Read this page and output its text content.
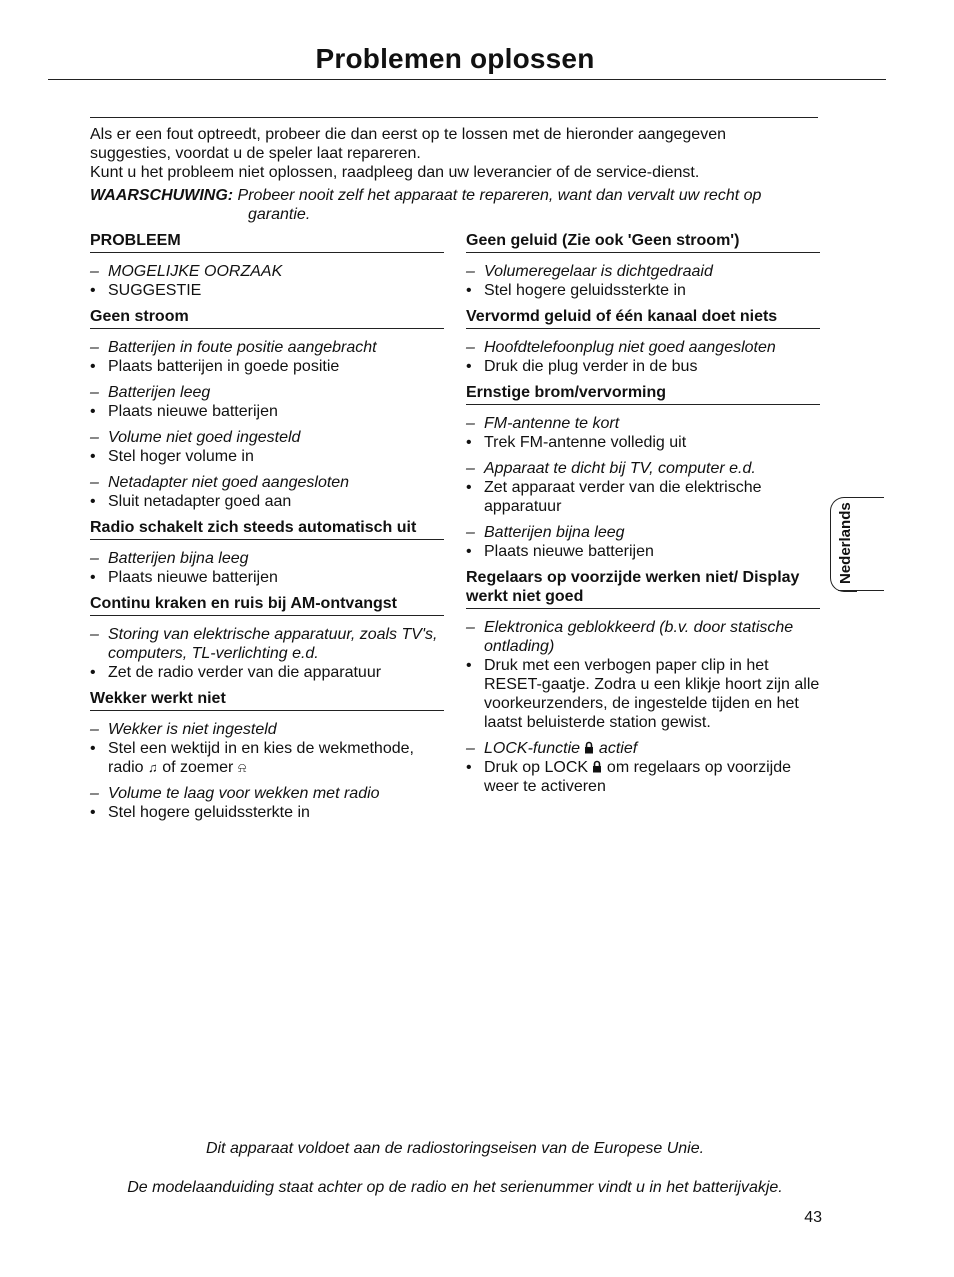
Problemen oplossen

Als er een fout optreedt, probeer die dan eerst op te lossen met de hieronder aangegeven

suggesties, voordat u de speler laat repareren.

Kunt u het probleem niet oplossen, raadpleeg dan uw leverancier of de service-dienst.

WAARSCHUWING: Probeer nooit zelf het apparaat te repareren, want dan vervalt uw recht op
garantie.
PROBLEEM

– MOGELIJKE OORZAAK

• SUGGESTIE

Geen stroom

– Batterijen in foute positie aangebracht

• Plaats batterijen in goede positie

– Batterijen leeg

• Plaats nieuwe batterijen

– Volume niet goed ingesteld

• Stel hoger volume in

– Netadapter niet goed aangesloten

• Sluit netadapter goed aan

Radio schakelt zich steeds automatisch uit

– Batterijen bijna leeg

• Plaats nieuwe batterijen

Continu kraken en ruis bij AM-ontvangst

– Storing van elektrische apparatuur, zoals TV's, computers, TL-verlichting e.d.

• Zet de radio verder van die apparatuur

Wekker werkt niet

– Wekker is niet ingesteld

• Stel een wektijd in en kies de wekmethode, radio ♫ of zoemer ⍾

– Volume te laag voor wekken met radio

• Stel hogere geluidssterkte in

Geen geluid (Zie ook 'Geen stroom')

– Volumeregelaar is dichtgedraaid

• Stel hogere geluidssterkte in

Vervormd geluid of één kanaal doet niets

– Hoofdtelefoonplug niet goed aangesloten

• Druk die plug verder in de bus

Ernstige brom/vervorming

– FM-antenne te kort

• Trek FM-antenne volledig uit

– Apparaat te dicht bij TV, computer e.d.

• Zet apparaat verder van die elektrische apparatuur

– Batterijen bijna leeg

• Plaats nieuwe batterijen

Regelaars op voorzijde werken niet/ Display werkt niet goed

– Elektronica geblokkeerd (b.v. door statische ontlading)

• Druk met een verbogen paper clip in het RESET-gaatje. Zodra u een klikje hoort zijn alle voorkeurzenders, de ingestelde tijden en het laatst beluisterde station gewist.

– LOCK-functie  actief

• Druk op LOCK  om regelaars op voorzijde weer te activeren

Nederlands
Dit apparaat voldoet aan de radiostoringseisen van de Europese Unie.
De modelaanduiding staat achter op de radio en het serienummer vindt u in het batterijvakje.
43
